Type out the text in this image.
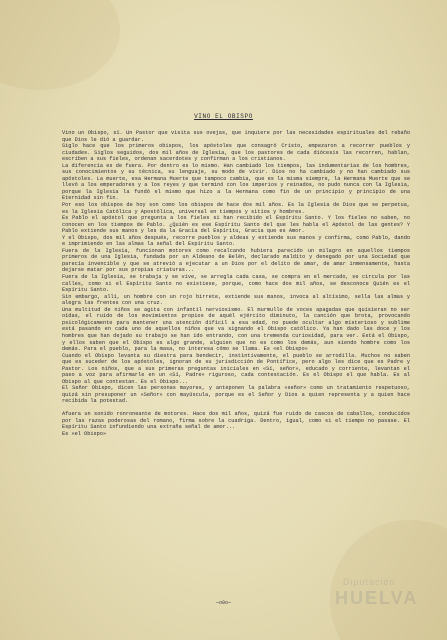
VINO EL OBISPO

Vino un Obispo, sí. Un Pastor que visita sus ovejas, que inquiere por las necesidades espirituales del rebaño que Dios le dió a guardar.

Siglo hace que los primeros obispos, los apóstoles que consagró Cristo, empezaron a recorrer pueblos y ciudades. Siglos seguidos, dos mil años de Iglesia, que los pastores de cada diócesis las recorren, hablan, escriben a sus fieles, ordenan sacerdotes y confirman a los cristianos.

La diferencia es de fuera. Por dentro es lo mismo. Han cambiado los tiempos, las indumentarias de los hombres, sus conocimientos y su técnica, su lenguaje, su modo de vivir. Dios no ha cambiado y no han cambiado sus apóstoles. La muerte, esa Hermana Muerte que tampoco cambia, que es la misma siempre, la Hermana Muerte que se llevó a los emperadores y a los reyes y que terminó con los imperios y reinados, no pudo nunca con la Iglesia, porque la Iglesia la fundó el mismo que hizo a la Hermana como fin de un principio y principio de una Eternidad sin fin.

Por eso los obispos de hoy son como los obispos de hace dos mil años. Es la Iglesia de Dios que se perpetua, es la Iglesia Católica y Apostólica, universal en tiempos y sitios y hombres.

Es Pablo el apóstol que pregunta a los fieles si han recibido el Espíritu Santo. Y los fieles no saben, no conocen en los tiempos de Pablo. ¿Quién es ese Espíritu Santo del que les habla el Apóstol de las gentes? Y Pablo extiende sus manos y les da la Gracia del Espíritu, Gracia que es Amor.

Y el Obispo, dos mil años después, recorre pueblos y aldeas y extiende sus manos y confirma, como Pablo, dando e imprimiendo en las almas la señal del Espíritu Santo.

Fuera de la Iglesia, funcionan motores como recalcando hubiera parecido un milagro en aquellos tiempos primeros de una Iglesia, fundada por un Aldeano de Belén, declarado maldito y denegado por una Sociedad que parecía invencible y que se atrevió a ejecutar a un Dios por el delito de amar, de amar inmensamente, hasta dejarse matar por sus propias criaturas...

Fuera de la Iglesia, se trabaja y se vive, se arregla cada casa, se compra en el mercado, se circula por las calles, como si el Espíritu Santo no existiese, porque, como hace dos mil años, se desconoce Quién es el Espíritu Santo.

Sin embargo, allí, un hombre con un rojo birrete, extiende sus manos, invoca al altísimo, sella las almas y alegra las frentes con una cruz.

Una multitud de niños se agita con infantil nerviosismo. El murmullo de voces apagadas que quisieran no ser oídas, el ruido de los movimientos propios de aquél ejército diminuto, la canción que brota, provocando psicológicamente para mantener una atención difícil a esa edad, no puede ocultar algo misterioso y sublime está pasando en cada uno de aquellos niños que va signando el Obispo católico. Ya han dado las doce y los hombres que han dejado su trabajo se han ido entrando, con una tremenda curiosidad, para ver. Está el Obispo, y ellos saben que el Obispo es algo grande, alguien que no es como los demás, aun siendo hombre como los demás. Para el pueblo, para la masa, no interesa cómo se llama. Es «el Obispo»

Cuando el Obispo levanta su diestra para bendecir, instintivamente, el pueblo se arrodilla. Muchos no saben que es suceder de los apóstoles, ignoran de su jurisdicción de Pontífice, pero algo les dice que es Padre y Pastor. Los niños, que a sus primeras preguntas iniciales en «Sí, señor», educado y corriente, levantan el paso a voz para afirmarle en un «Sí, Padre» riguroso, cada contestación. Es el Obispo el que habla. Es al Obispo al que contestan. Es el Obispo...

El Señor Obispo, dicen las personas mayores, y anteponen la palabra «señor» como un tratamiento respetuoso, quizá sin presuponer un «Señor» con mayúscula, porque es el Señor y Dios a quien representa y a quien hace recibida la potestad.

Afuera un sonido ronroneante de motores. Hace dos mil años, quizá fue ruido de cascos de caballos, conducidos por las razas poderosas del romano, firma sobre la cuadriga. Dentro, igual, como si el tiempo no pasase. El Espíritu Santo infundiendo una extraña señal de amor...

Es «el Obispo»

—o0o—
Diputación
HUELVA
